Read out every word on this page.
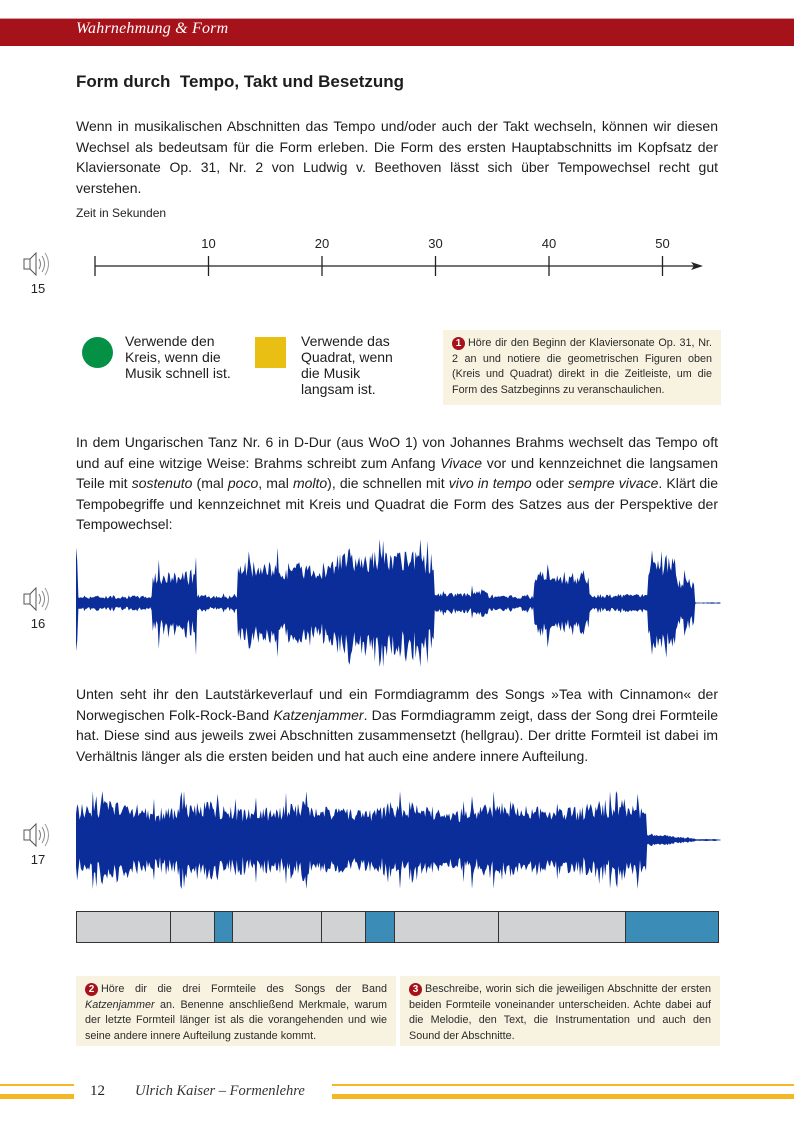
Wahrnehmung & Form
Form durch  Tempo, Takt und Besetzung
Wenn in musikalischen Abschnitten das Tempo und/oder auch der Takt wechseln, können wir diesen Wechsel als bedeutsam für die Form erleben. Die Form des ersten Hauptabschnitts im Kopfsatz der Klaviersonate Op. 31, Nr. 2 von Ludwig v. Beethoven lässt sich über Tempowechsel recht gut verstehen.
Zeit in Sekunden
15
10	20	30	40	50
Verwende den Kreis, wenn die Musik schnell ist.
Verwende das Quadrat, wenn die Musik langsam ist.
1 Höre dir den Beginn der Klaviersonate Op. 31, Nr. 2 an und notiere die geometrischen Figuren oben (Kreis und Quadrat) direkt in die Zeitleiste, um die Form des Satzbeginns zu veranschaulichen.
In dem Ungarischen Tanz Nr. 6 in D-Dur (aus WoO 1) von Johannes Brahms wechselt das Tempo oft und auf eine witzige Weise: Brahms schreibt zum Anfang Vivace vor und kennzeichnet die langsamen Teile mit sostenuto (mal poco, mal molto), die schnellen mit vivo in tempo oder sempre vivace. Klärt die Tempobegriffe und kennzeichnet mit Kreis und Quadrat die Form des Satzes aus der Perspektive der Tempowechsel:
16
Unten seht ihr den Lautstärkeverlauf und ein Formdiagramm des Songs »Tea with Cinnamon« der Norwegischen Folk-Rock-Band Katzenjammer. Das Formdiagramm zeigt, dass der Song drei Formteile hat. Diese sind aus jeweils zwei Abschnitten zusammensetzt (hellgrau). Der dritte Formteil ist dabei im Verhältnis länger als die ersten beiden und hat auch eine andere innere Aufteilung.
17
2 Höre dir die drei Formteile des Songs der Band Katzenjammer an. Benenne anschließend Merkmale, warum der letzte Formteil länger ist als die vorangehenden und wie seine andere innere Aufteilung zustande kommt.
3 Beschreibe, worin sich die jeweiligen Abschnitte der ersten beiden Formteile voneinander unterscheiden. Achte dabei auf die Melodie, den Text, die Instrumentation und auch den Sound der Abschnitte.
12 Ulrich Kaiser – Formenlehre
